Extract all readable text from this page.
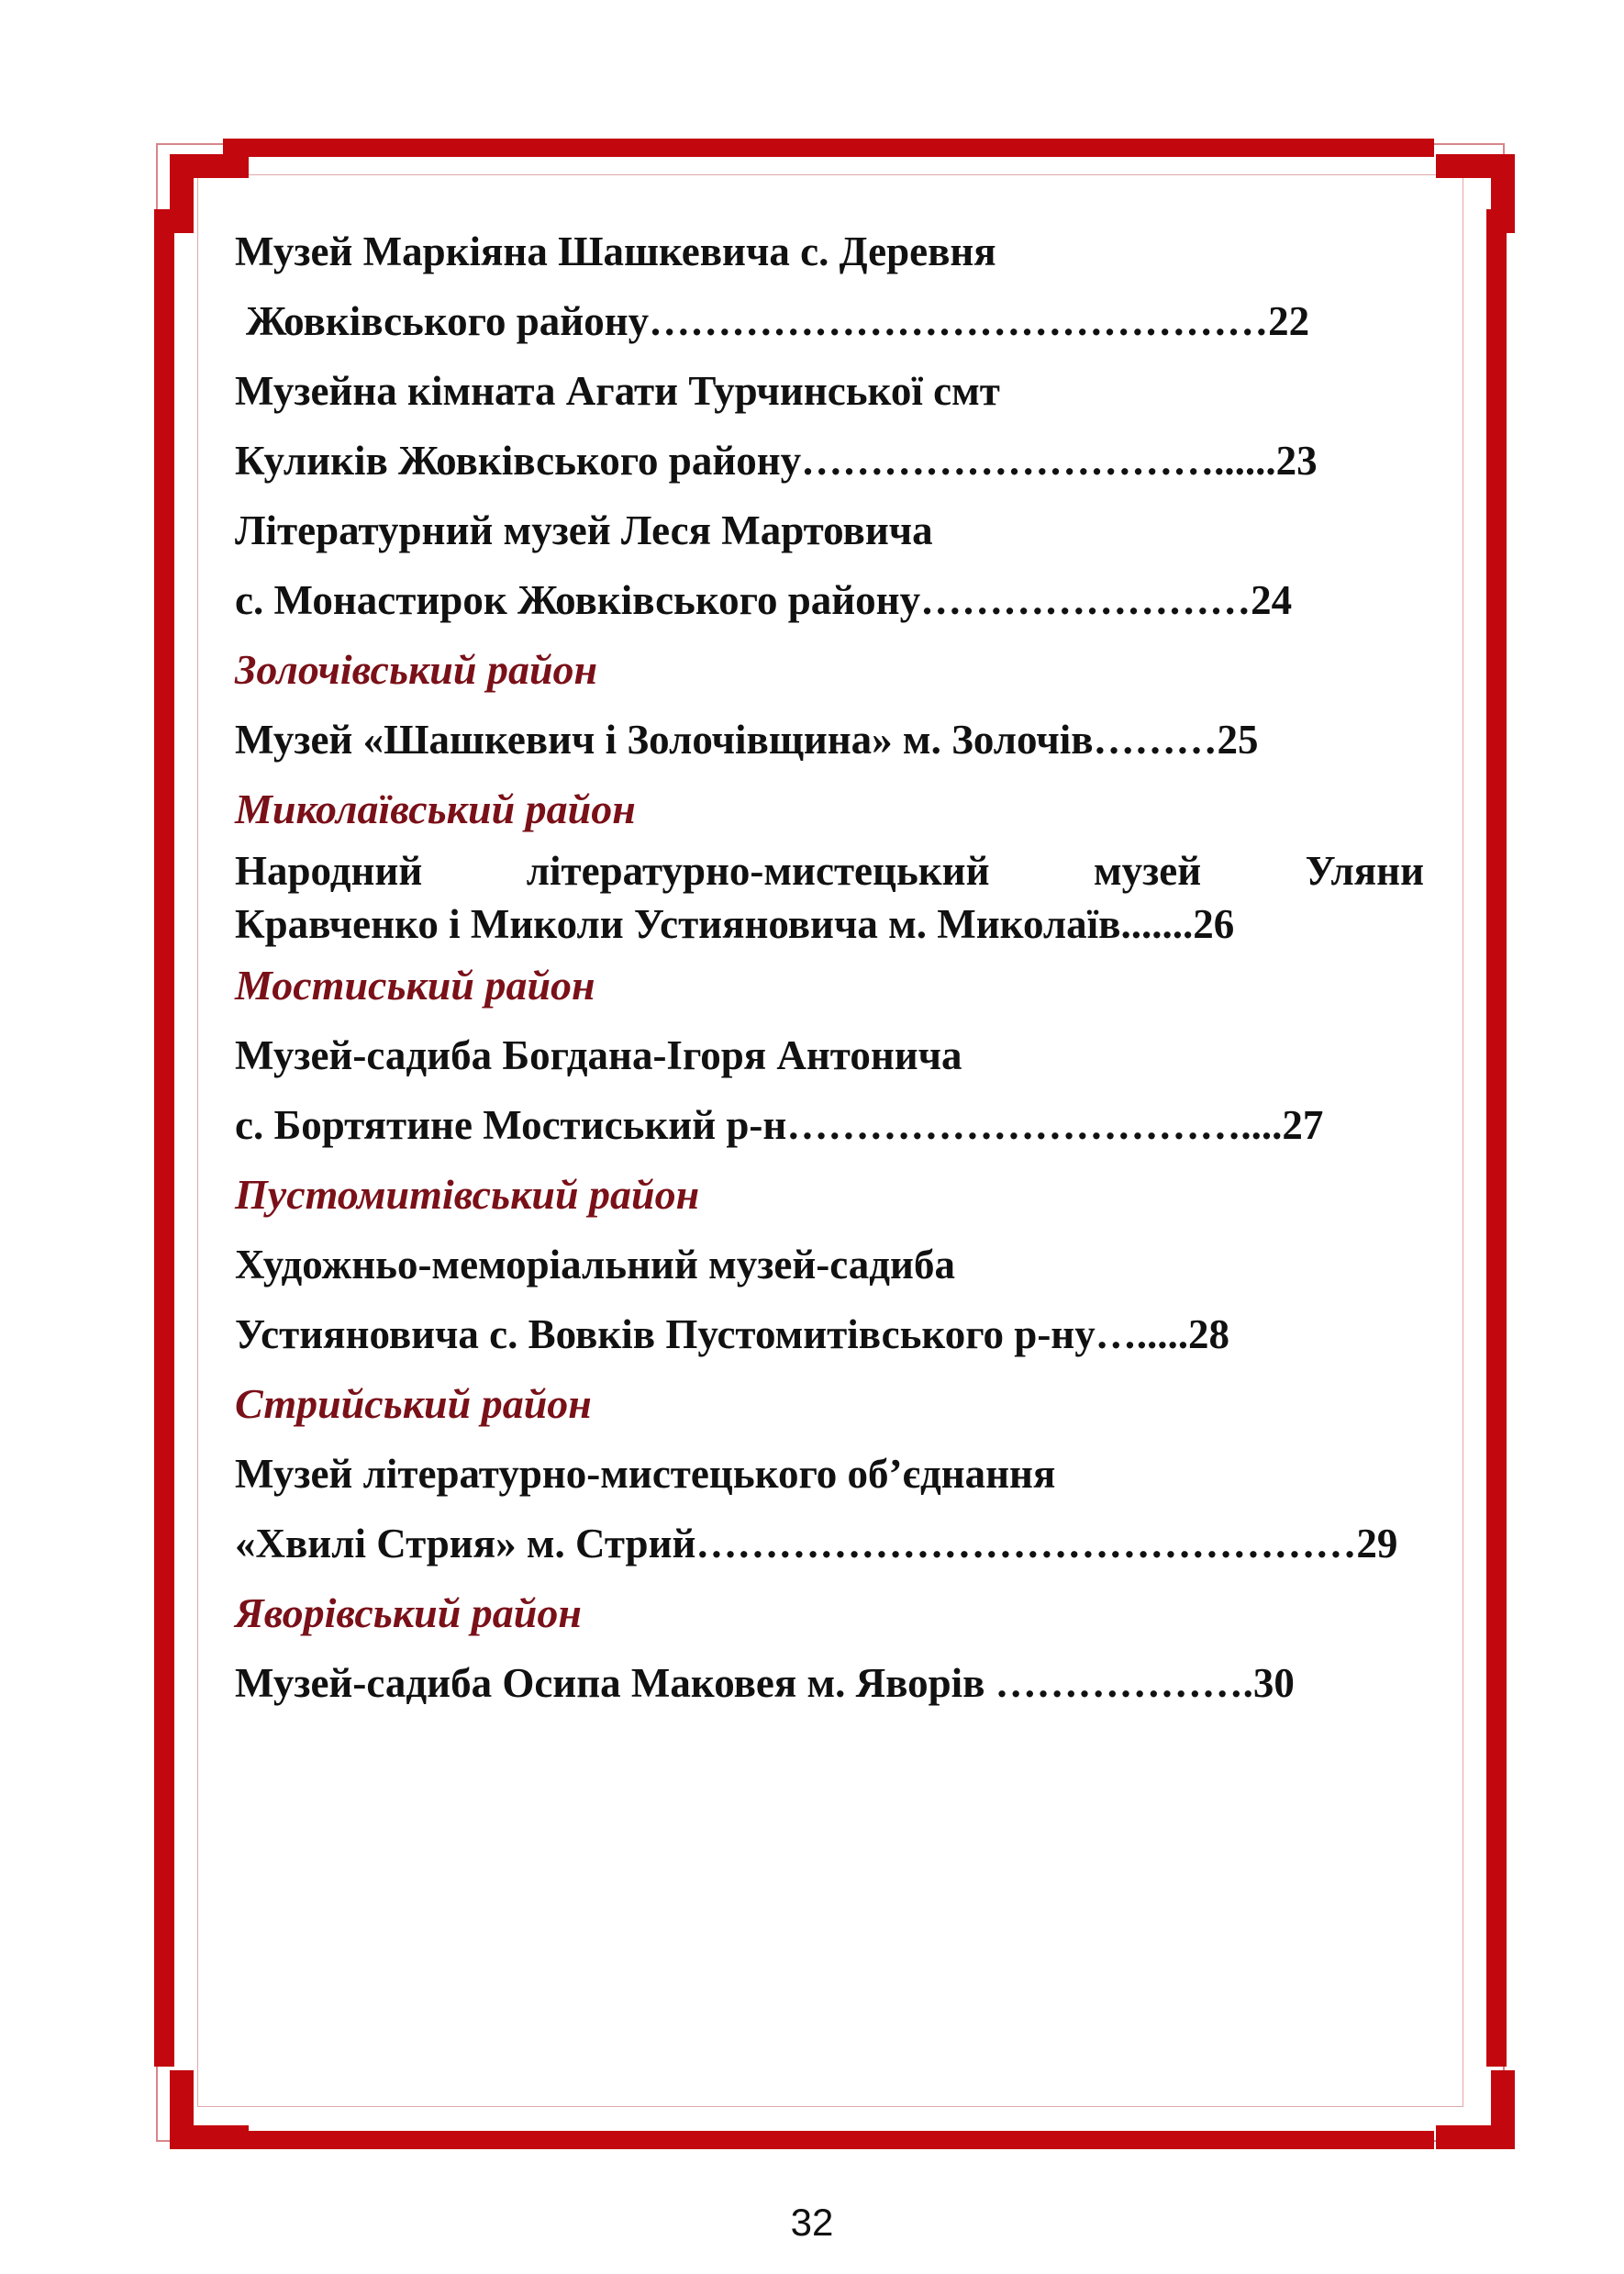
Музей Маркіяна Шашкевича с. Деревня
Жовківського району………………………………………22
Музейна кімната Агати Турчинської смт
Куликів Жовківського району…………………………......23
Літературний музей Леся Мартовича
с. Монастирок Жовківського району……………………24
Золочівський район
Музей «Шашкевич і Золочівщина» м. Золочів………25
Миколаївський район
Народний літературно-мистецький музей Уляни
Кравченко і Миколи Устияновича м. Миколаїв.......26
Мостиський район
Музей-садиба Богдана-Ігоря Антонича
с. Бортятине Мостиський р-н……………………………....27
Пустомитівський район
Художньо-меморіальний музей-садиба
Устияновича с. Вовків Пустомитівського р-ну….....28
Стрийський район
Музей літературно-мистецького об’єднання
«Хвилі Стрия» м. Стрий…………………………………………29
Яворівський район
Музей-садиба Осипа Маковея м. Яворів ……………….30
32
